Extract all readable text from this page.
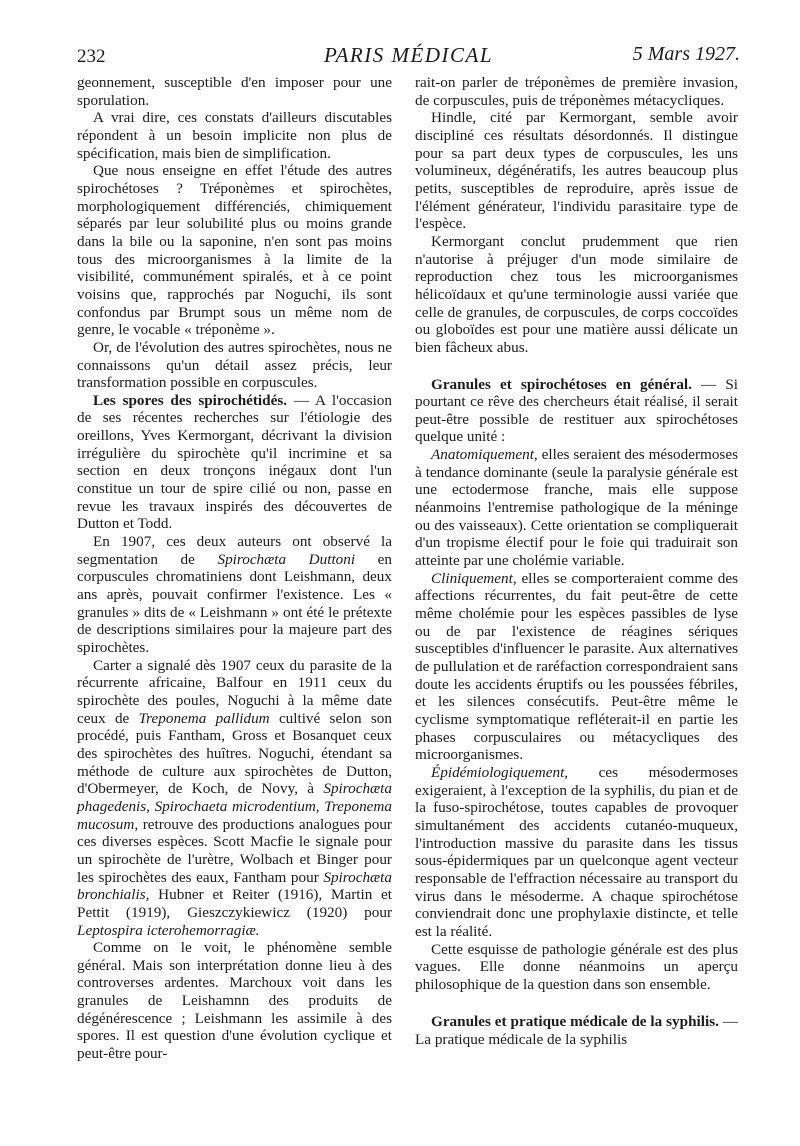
232	PARIS MÉDICAL	5 Mars 1927.

geonnement, susceptible d'en imposer pour une sporulation.

A vrai dire, ces constats d'ailleurs discutables répondent à un besoin implicite non plus de spécification, mais bien de simplification.

Que nous enseigne en effet l'étude des autres spirochétoses ? Tréponèmes et spirochètes, morphologiquement différenciés, chimiquement séparés par leur solubilité plus ou moins grande dans la bile ou la saponine, n'en sont pas moins tous des microorganismes à la limite de la visibilité, communément spiralés, et à ce point voisins que, rapprochés par Noguchi, ils sont confondus par Brumpt sous un même nom de genre, le vocable « tréponème ».

Or, de l'évolution des autres spirochètes, nous ne connaissons qu'un détail assez précis, leur transformation possible en corpuscules.

Les spores des spirochétidés. — A l'occasion de ses récentes recherches sur l'étiologie des oreillons, Yves Kermorgant, décrivant la division irrégulière du spirochète qu'il incrimine et sa section en deux tronçons inégaux dont l'un constitue un tour de spire cilié ou non, passe en revue les travaux inspirés des découvertes de Dutton et Todd.

En 1907, ces deux auteurs ont observé la segmentation de Spirochæta Duttoni en corpuscules chromatiniens dont Leishmann, deux ans après, pouvait confirmer l'existence. Les « granules » dits de « Leishmann » ont été le prétexte de descriptions similaires pour la majeure part des spirochètes.

Carter a signalé dès 1907 ceux du parasite de la récurrente africaine, Balfour en 1911 ceux du spirochète des poules, Noguchi à la même date ceux de Treponema pallidum cultivé selon son procédé, puis Fantham, Gross et Bosanquet ceux des spirochètes des huîtres. Noguchi, étendant sa méthode de culture aux spirochètes de Dutton, d'Obermeyer, de Koch, de Novy, à Spirochæta phagedenis, Spirochaeta microdentium, Treponema mucosum, retrouve des productions analogues pour ces diverses espèces. Scott Macfie le signale pour un spirochète de l'urètre, Wolbach et Binger pour les spirochètes des eaux, Fantham pour Spirochæta bronchialis, Hubner et Reiter (1916), Martin et Pettit (1919), Gieszczykiewicz (1920) pour Leptospira icterohemorragiæ.

Comme on le voit, le phénomène semble général. Mais son interprétation donne lieu à des controverses ardentes. Marchoux voit dans les granules de Leishamnn des produits de dégénérescence ; Leishmann les assimile à des spores. Il est question d'une évolution cyclique et peut-être pour-

rait-on parler de tréponèmes de première invasion, de corpuscules, puis de tréponèmes métacycliques.

Hindle, cité par Kermorgant, semble avoir discipliné ces résultats désordonnés. Il distingue pour sa part deux types de corpuscules, les uns volumineux, dégénératifs, les autres beaucoup plus petits, susceptibles de reproduire, après issue de l'élément générateur, l'individu parasitaire type de l'espèce.

Kermorgant conclut prudemment que rien n'autorise à préjuger d'un mode similaire de reproduction chez tous les microorganismes hélicoïdaux et qu'une terminologie aussi variée que celle de granules, de corpuscules, de corps coccoïdes ou globoïdes est pour une matière aussi délicate un bien fâcheux abus.

Granules et spirochétoses en général. — Si pourtant ce rêve des chercheurs était réalisé, il serait peut-être possible de restituer aux spirochétoses quelque unité :

Anatomiquement, elles seraient des mésodermoses à tendance dominante (seule la paralysie générale est une ectodermose franche, mais elle suppose néanmoins l'entremise pathologique de la méninge ou des vaisseaux). Cette orientation se compliquerait d'un tropisme électif pour le foie qui traduirait son atteinte par une cholémie variable.

Cliniquement, elles se comporteraient comme des affections récurrentes, du fait peut-être de cette même cholémie pour les espèces passibles de lyse ou de par l'existence de réagines sériques susceptibles d'influencer le parasite. Aux alternatives de pullulation et de raréfaction correspondraient sans doute les accidents éruptifs ou les poussées fébriles, et les silences consécutifs. Peut-être même le cyclisme symptomatique refléterait-il en partie les phases corpusculaires ou métacycliques des microorganismes.

Épidémiologiquement, ces mésodermoses exigeraient, à l'exception de la syphilis, du pian et de la fuso-spirochétose, toutes capables de provoquer simultanément des accidents cutanéo-muqueux, l'introduction massive du parasite dans les tissus sous-épidermiques par un quelconque agent vecteur responsable de l'effraction nécessaire au transport du virus dans le mésoderme. A chaque spirochétose conviendrait donc une prophylaxie distincte, et telle est la réalité.

Cette esquisse de pathologie générale est des plus vagues. Elle donne néanmoins un aperçu philosophique de la question dans son ensemble.

Granules et pratique médicale de la syphilis. — La pratique médicale de la syphilis
